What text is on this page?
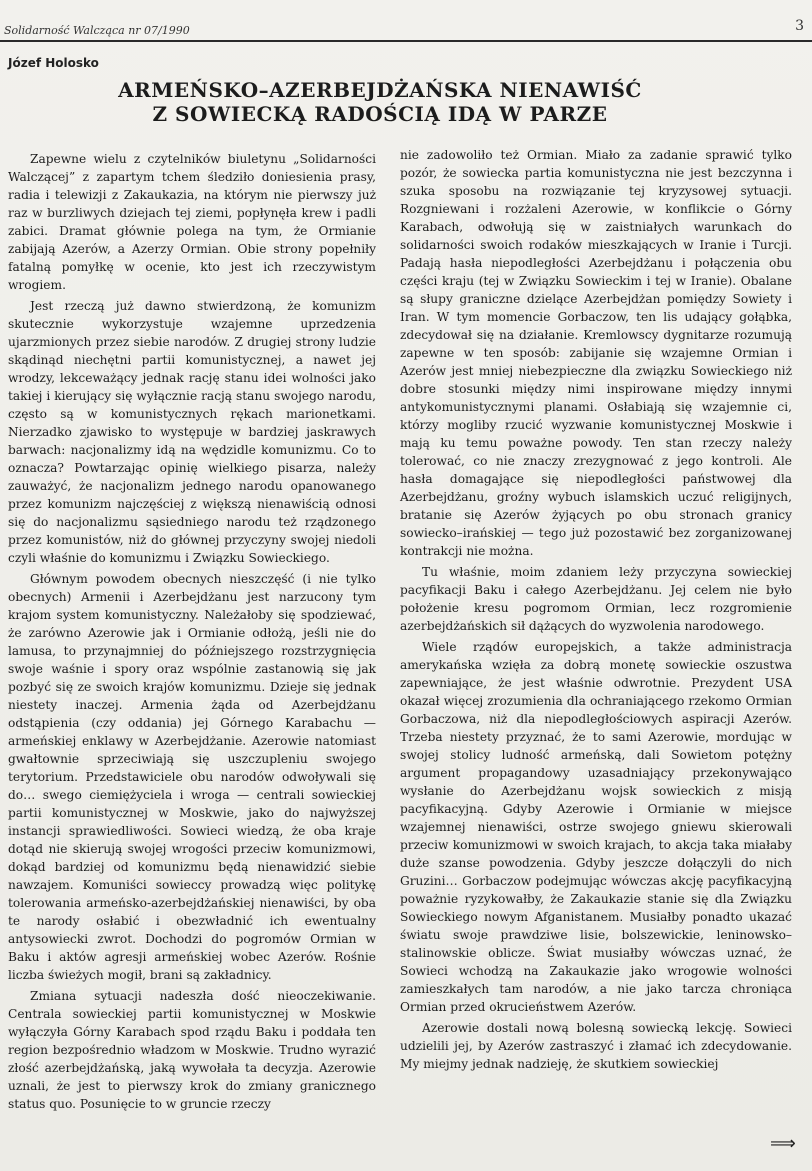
Solidarność Walcząca nr 07/1990	3
Józef Holosko
ARMEŃSKO–AZERBEJDŻAŃSKA NIENAWIŚĆ
Z SOWIECKĄ RADOŚCIĄ IDĄ W PARZE

Zapewne wielu z czytelników biuletynu „Solidarności Walczącej” z zapartym tchem śledziło doniesienia prasy, radia i telewizji z Zakaukazia, na którym nie pierwszy już raz w burzliwych dziejach tej ziemi, popłynęła krew i padli zabici. Dramat głównie polega na tym, że Ormianie zabijają Azerów, a Azerzy Ormian. Obie strony popełniły fatalną pomyłkę w ocenie, kto jest ich rzeczywistym wrogiem.

Jest rzeczą już dawno stwierdzoną, że komunizm skutecznie wykorzystuje wzajemne uprzedzenia ujarzmionych przez siebie narodów. Z drugiej strony ludzie skądinąd niechętni partii komunistycznej, a nawet jej wrodzy, lekceważący jednak rację stanu idei wolności jako takiej i kierujący się wyłącznie racją stanu swojego narodu, często są w komunistycznych rękach marionetkami. Nierzadko zjawisko to występuje w bardziej jaskrawych barwach: nacjonalizmy idą na wędzidle komunizmu. Co to oznacza? Powtarzając opinię wielkiego pisarza, należy zauważyć, że nacjonalizm jednego narodu opanowanego przez komunizm najczęściej z większą nienawiścią odnosi się do nacjonalizmu sąsiedniego narodu też rządzonego przez komunistów, niż do głównej przyczyny swojej niedoli czyli właśnie do komunizmu i Związku Sowieckiego.

Głównym powodem obecnych nieszczęść (i nie tylko obecnych) Armenii i Azerbejdżanu jest narzucony tym krajom system komunistyczny. Należałoby się spodziewać, że zarówno Azerowie jak i Ormianie odłożą, jeśli nie do lamusa, to przynajmniej do późniejszego rozstrzygnięcia swoje waśnie i spory oraz wspólnie zastanowią się jak pozbyć się ze swoich krajów komunizmu. Dzieje się jednak niestety inaczej. Armenia żąda od Azerbejdżanu odstąpienia (czy oddania) jej Górnego Karabachu — armeńskiej enklawy w Azerbejdżanie. Azerowie natomiast gwałtownie sprzeciwiają się uszczupleniu swojego terytorium. Przedstawiciele obu narodów odwoływali się do… swego ciemiężyciela i wroga — centrali sowieckiej partii komunistycznej w Moskwie, jako do najwyższej instancji sprawiedliwości. Sowieci wiedzą, że oba kraje dotąd nie skierują swojej wrogości przeciw komunizmowi, dokąd bardziej od komunizmu będą nienawidzić siebie nawzajem. Komuniści sowieccy prowadzą więc politykę tolerowania armeńsko-azerbejdżańskiej nienawiści, by oba te narody osłabić i obezwładnić ich ewentualny antysowiecki zwrot. Dochodzi do pogromów Ormian w Baku i aktów agresji armeńskiej wobec Azerów. Rośnie liczba świeżych mogił, brani są zakładnicy.

Zmiana sytuacji nadeszła dość nieoczekiwanie. Centrala sowieckiej partii komunistycznej w Moskwie wyłączyła Górny Karabach spod rządu Baku i poddała ten region bezpośrednio władzom w Moskwie. Trudno wyrazić złość azerbejdżańską, jaką wywołała ta decyzja. Azerowie uznali, że jest to pierwszy krok do zmiany granicznego status quo. Posunięcie to w gruncie rzeczy

nie zadowoliło też Ormian. Miało za zadanie sprawić tylko pozór, że sowiecka partia komunistyczna nie jest bezczynna i szuka sposobu na rozwiązanie tej kryzysowej sytuacji. Rozgniewani i rozżaleni Azerowie, w konflikcie o Górny Karabach, odwołują się w zaistniałych warunkach do solidarności swoich rodaków mieszkających w Iranie i Turcji. Padają hasła niepodległości Azerbejdżanu i połączenia obu części kraju (tej w Związku Sowieckim i tej w Iranie). Obalane są słupy graniczne dzielące Azerbejdżan pomiędzy Sowiety i Iran. W tym momencie Gorbaczow, ten lis udający gołąbka, zdecydował się na działanie. Kremlowscy dygnitarze rozumują zapewne w ten sposób: zabijanie się wzajemne Ormian i Azerów jest mniej niebezpieczne dla związku Sowieckiego niż dobre stosunki między nimi inspirowane między innymi antykomunistycznymi planami. Osłabiają się wzajemnie ci, którzy mogliby rzucić wyzwanie komunistycznej Moskwie i mają ku temu poważne powody. Ten stan rzeczy należy tolerować, co nie znaczy zrezygnować z jego kontroli. Ale hasła domagające się niepodległości państwowej dla Azerbejdżanu, groźny wybuch islamskich uczuć religijnych, bratanie się Azerów żyjących po obu stronach granicy sowiecko–irańskiej — tego już pozostawić bez zorganizowanej kontrakcji nie można.

Tu właśnie, moim zdaniem leży przyczyna sowieckiej pacyfikacji Baku i całego Azerbejdżanu. Jej celem nie było położenie kresu pogromom Ormian, lecz rozgromienie azerbejdżańskich sił dążących do wyzwolenia narodowego.

Wiele rządów europejskich, a także administracja amerykańska wzięła za dobrą monetę sowieckie oszustwa zapewniające, że jest właśnie odwrotnie. Prezydent USA okazał więcej zrozumienia dla ochraniającego rzekomo Ormian Gorbaczowa, niż dla niepodległościowych aspiracji Azerów. Trzeba niestety przyznać, że to sami Azerowie, mordując w swojej stolicy ludność armeńską, dali Sowietom potężny argument propagandowy uzasadniający przekonywająco wysłanie do Azerbejdżanu wojsk sowieckich z misją pacyfikacyjną. Gdyby Azerowie i Ormianie w miejsce wzajemnej nienawiści, ostrze swojego gniewu skierowali przeciw komunizmowi w swoich krajach, to akcja taka miałaby duże szanse powodzenia. Gdyby jeszcze dołączyli do nich Gruzini… Gorbaczow podejmując wówczas akcję pacyfikacyjną poważnie ryzykowałby, że Zakaukazie stanie się dla Związku Sowieckiego nowym Afganistanem. Musiałby ponadto ukazać światu swoje prawdziwe lisie, bolszewickie, leninowsko–stalinowskie oblicze. Świat musiałby wówczas uznać, że Sowieci wchodzą na Zakaukazie jako wrogowie wolności zamieszkałych tam narodów, a nie jako tarcza chroniąca Ormian przed okrucieństwem Azerów.

Azerowie dostali nową bolesną sowiecką lekcję. Sowieci udzielili jej, by Azerów zastraszyć i złamać ich zdecydowanie. My miejmy jednak nadzieję, że skutkiem sowieckiej

⟹
